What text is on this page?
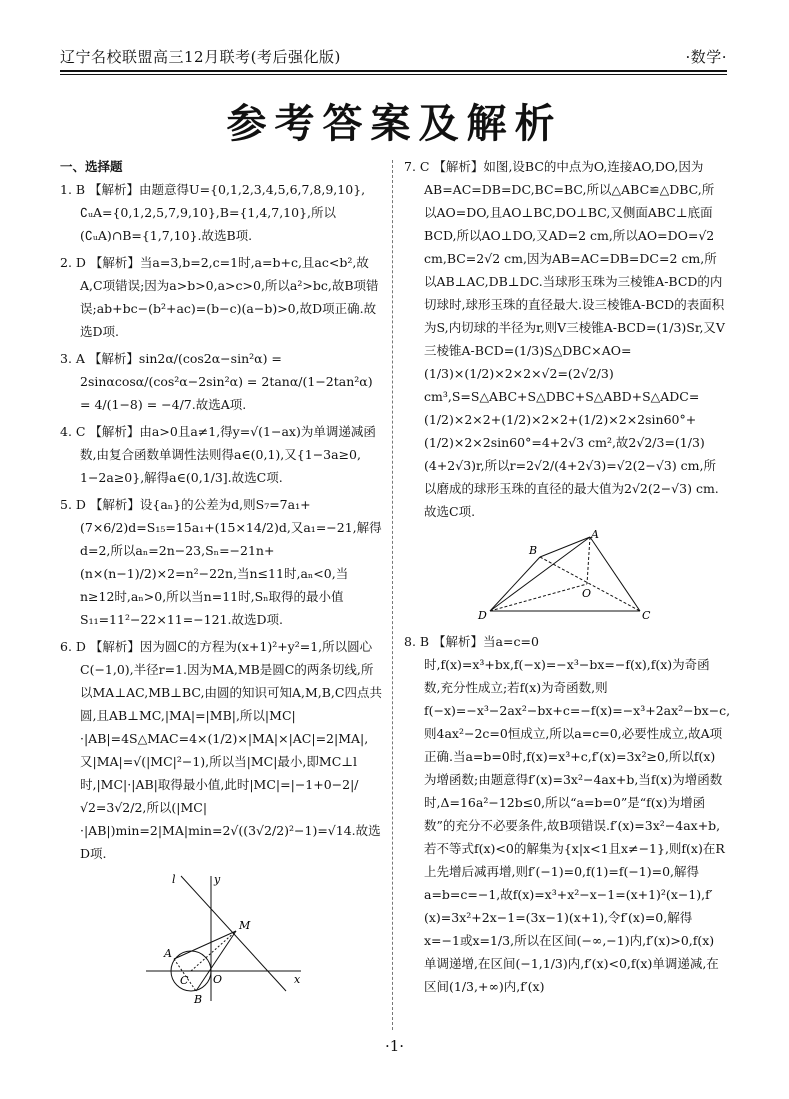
辽宁名校联盟高三12月联考(考后强化版)	·数学·
参考答案及解析

一、选择题

1. B 【解析】由题意得U={0,1,2,3,4,5,6,7,8,9,10}, ∁ᵤA={0,1,2,5,7,9,10},B={1,4,7,10},所以(∁ᵤA)∩B={1,7,10}.故选B项.

2. D 【解析】当a=3,b=2,c=1时,a=b+c,且ac<b²,故A,C项错误;因为a>b>0,a>c>0,所以a²>bc,故B项错误;ab+bc−(b²+ac)=(b−c)(a−b)>0,故D项正确.故选D项.

3. A 【解析】sin2α/(cos2α−sin²α) = 2sinαcosα/(cos²α−2sin²α) = 2tanα/(1−2tan²α) = 4/(1−8) = −4/7.故选A项.

4. C 【解析】由a>0且a≠1,得y=√(1−ax)为单调递减函数,由复合函数单调性法则得a∈(0,1),又{1−3a≥0, 1−2a≥0},解得a∈(0,1/3].故选C项.

5. D 【解析】设{aₙ}的公差为d,则S₇=7a₁+(7×6/2)d=S₁₅=15a₁+(15×14/2)d,又a₁=−21,解得d=2,所以aₙ=2n−23,Sₙ=−21n+(n×(n−1)/2)×2=n²−22n,当n≤11时,aₙ<0,当n≥12时,aₙ>0,所以当n=11时,Sₙ取得的最小值S₁₁=11²−22×11=−121.故选D项.

6. D 【解析】因为圆C的方程为(x+1)²+y²=1,所以圆心C(−1,0),半径r=1.因为MA,MB是圆C的两条切线,所以MA⊥AC,MB⊥BC,由圆的知识可知A,M,B,C四点共圆,且AB⊥MC,|MA|=|MB|,所以|MC|·|AB|=4S△MAC=4×(1/2)×|MA|×|AC|=2|MA|,又|MA|=√(|MC|²−1),所以当|MC|最小,即MC⊥l时,|MC|·|AB|取得最小值,此时|MC|=|−1+0−2|/√2=3√2/2,所以(|MC|·|AB|)min=2|MA|min=2√((3√2/2)²−1)=√14.故选D项.

y
l
A
M
C O	x
B

7. C 【解析】如图,设BC的中点为O,连接AO,DO,因为AB=AC=DB=DC,BC=BC,所以△ABC≌△DBC,所以AO=DO,且AO⊥BC,DO⊥BC,又侧面ABC⊥底面BCD,所以AO⊥DO,又AD=2 cm,所以AO=DO=√2 cm,BC=2√2 cm,因为AB=AC=DB=DC=2 cm,所以AB⊥AC,DB⊥DC.当球形玉珠为三棱锥A-BCD的内切球时,球形玉珠的直径最大.设三棱锥A-BCD的表面积为S,内切球的半径为r,则V三棱锥A-BCD=(1/3)Sr,又V三棱锥A-BCD=(1/3)S△DBC×AO=(1/3)×(1/2)×2×2×√2=(2√2/3) cm³,S=S△ABC+S△DBC+S△ABD+S△ADC=(1/2)×2×2+(1/2)×2×2+(1/2)×2×2sin60°+(1/2)×2×2sin60°=4+2√3 cm²,故2√2/3=(1/3)(4+2√3)r,所以r=2√2/(4+2√3)=√2(2−√3) cm,所以磨成的球形玉珠的直径的最大值为2√2(2−√3) cm.故选C项.

A
B
O
D	C

8. B 【解析】当a=c=0时,f(x)=x³+bx,f(−x)=−x³−bx=−f(x),f(x)为奇函数,充分性成立;若f(x)为奇函数,则f(−x)=−x³−2ax²−bx+c=−f(x)=−x³+2ax²−bx−c,则4ax²−2c=0恒成立,所以a=c=0,必要性成立,故A项正确.当a=b=0时,f(x)=x³+c,f′(x)=3x²≥0,所以f(x)为增函数;由题意得f′(x)=3x²−4ax+b,当f(x)为增函数时,Δ=16a²−12b≤0,所以“a=b=0”是“f(x)为增函数”的充分不必要条件,故B项错误.f′(x)=3x²−4ax+b,若不等式f(x)<0的解集为{x|x<1且x≠−1},则f(x)在R上先增后减再增,则f′(−1)=0,f(1)=f(−1)=0,解得a=b=c=−1,故f(x)=x³+x²−x−1=(x+1)²(x−1),f′(x)=3x²+2x−1=(3x−1)(x+1),令f′(x)=0,解得x=−1或x=1/3,所以在区间(−∞,−1)内,f′(x)>0,f(x)单调递增,在区间(−1,1/3)内,f′(x)<0,f(x)单调递减,在区间(1/3,+∞)内,f′(x)

·1·
